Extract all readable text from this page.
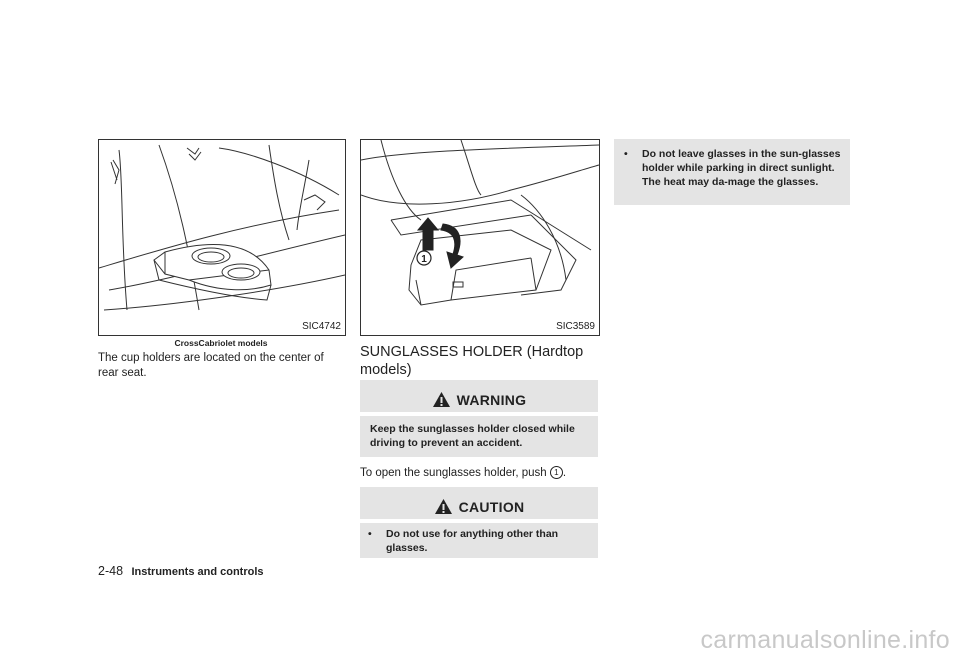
SIC4742
CrossCabriolet models
The cup holders are located on the center of rear seat.
1
SIC3589
SUNGLASSES HOLDER (Hardtop models)
WARNING
Keep the sunglasses holder closed while driving to prevent an accident.
To open the sunglasses holder, push 1 .
CAUTION
• Do not use for anything other than glasses.
• Do not leave glasses in the sun-glasses holder while parking in direct sunlight. The heat may da-mage the glasses.
2-48 Instruments and controls
carmanualsonline.info
